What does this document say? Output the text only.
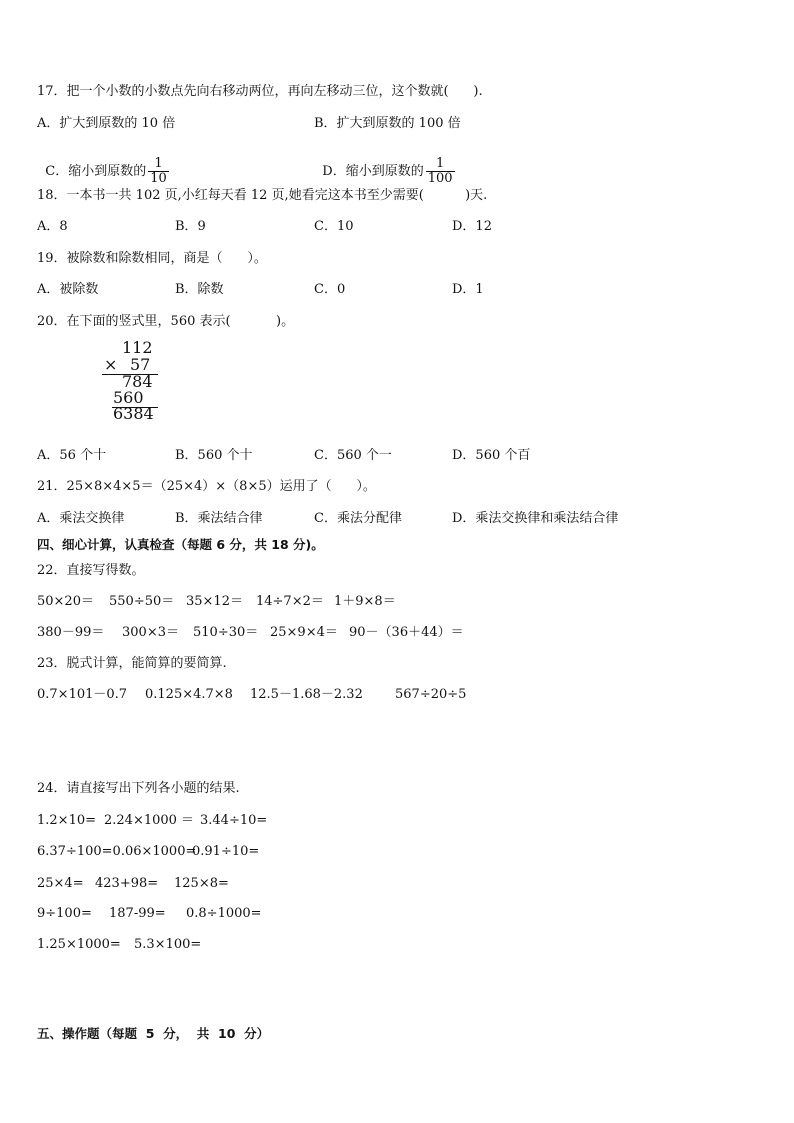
17．把一个小数的小数点先向右移动两位，再向左移动三位，这个数就(      ).
A．扩大到原数的 10 倍	B．扩大到原数的 100 倍

C．缩小到原数的 $\frac{1}{10}$	D．缩小到原数的 $\frac{1}{100}$

18．一本书一共 102 页,小红每天看 12 页,她看完这本书至少需要(          )天.
A．8	B．9	C．10	D．12
19．被除数和除数相同，商是（      ）。
A．被除数	B．除数	C．0	D．1
20．在下面的竖式里，560 表示(           )。
112
× 57
784
560
6384
A．56 个十	B．560 个十	C．560 个一	D．560 个百
21．25×8×4×5＝（25×4）×（8×5）运用了（      ）。
A．乘法交换律	B．乘法结合律	C．乘法分配律	D．乘法交换律和乘法结合律
四、细心计算，认真检查（每题 6 分，共 18 分)。
22．直接写得数。
50×20＝ 550÷50＝ 35×12＝ 14÷7×2＝ 1＋9×8＝
380－99＝ 300×3＝ 510÷30＝ 25×9×4＝ 90－（36＋44）＝
23．脱式计算，能简算的要简算.
0.7×101－0.7 0.125×4.7×8 12.5－1.68－2.32 567÷20÷5
24．请直接写出下列各小题的结果.
1.2×10= 2.24×1000 ＝ 3.44÷10=
6.37÷100=0.06×1000=
0.91÷10=
25×4= 423+98= 125×8=
9÷100= 187-99= 0.8÷1000=
1.25×1000= 5.3×100=
五、操作题（每题  5  分，  共  10  分）
